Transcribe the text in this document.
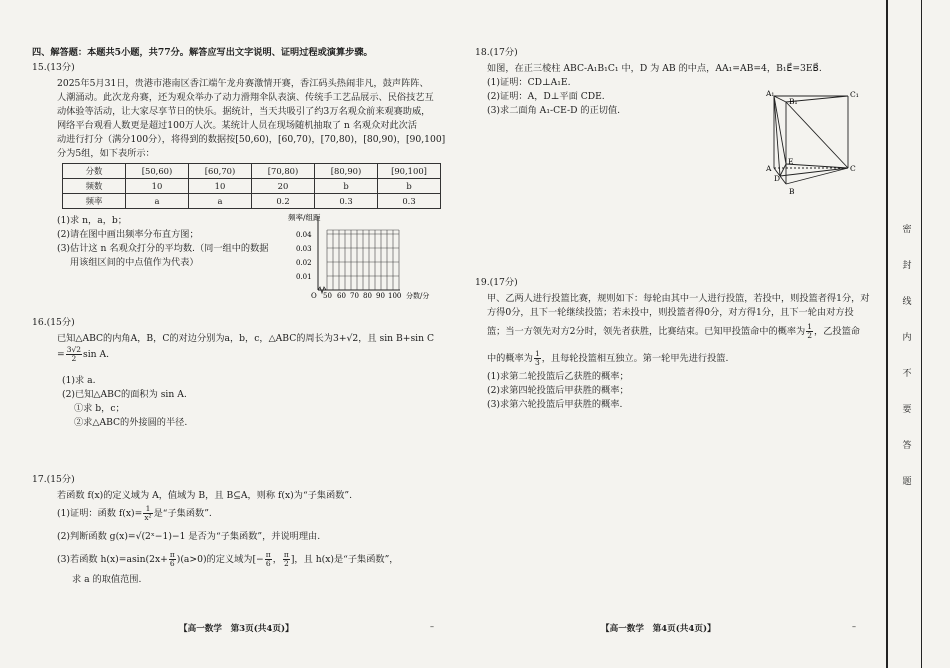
四、解答题：本题共5小题，共77分。解答应写出文字说明、证明过程或演算步骤。
15.(13分)
2025年5月31日，贵港市港南区香江端午龙舟赛激情开赛，香江码头热闹非凡，鼓声阵阵、
人潮涌动。此次龙舟赛，还为观众举办了动力滑翔伞队表演、传统手工艺品展示、民俗技艺互
动体验等活动，让大家尽享节日的快乐。据统计，当天共吸引了约3万名观众前来观赛助威，
网络平台观看人数更是超过100万人次。某统计人员在现场随机抽取了 n 名观众对此次活
动进行打分（满分100分），将得到的数据按[50,60)，[60,70)，[70,80)，[80,90)，[90,100]
分为5组，如下表所示：
分数	[50,60)	[60,70)	[70,80)	[80,90)	[90,100]
频数	10	10	20	b	b
频率	a	a	0.2	0.3	0.3
(1)求 n，a，b；
(2)请在图中画出频率分布直方图；
(3)估计这 n 名观众打分的平均数.（同一组中的数据
用该组区间的中点值作为代表）
频率/组距
0.04
0.03
0.02
0.01
O 50 60 70 80 90 100 分数/分
16.(15分)
已知△ABC的内角A，B，C的对边分别为a，b，c，△ABC的周长为3+√2，且 sin B+sin C
= $\frac{3√2}{2}$ sin A.
(1)求 a.
(2)已知△ABC的面积为 sin A.
①求 b，c；
②求△ABC的外接圆的半径.
17.(15分)
若函数 f(x)的定义域为 A，值域为 B，且 B⊆A，则称 f(x)为“子集函数”.
(1)证明：函数 $f(x)= \frac{1}{\text{x²}}$ 是“子集函数”.
(2)判断函数 g(x)=√(2ˣ−1)−1 是否为“子集函数”，并说明理由.
(3)若函数 $h(x)=asin(2x+ \frac{\pi}{6} )(a>0)$的定义域为[− $\frac{\pi}{6}$ ， $\frac{\pi}{2}$ ]，且 h(x)是“子集函数”，
求 a 的取值范围.
【高一数学　第3页(共4页)】	–
18.(17分)
如图，在正三棱柱 ABC-A₁B₁C₁ 中，D 为 AB 的中点，AA₁=AB=4，B₁E⃗=3EB⃗.
(1)证明：CD⊥A₁E.
(2)证明：A，D⊥平面 CDE.
(3)求二面角 A₁-CE-D 的正切值.
A₁
B₁
C₁
A
B
C
D
E
19.(17分)
甲、乙两人进行投篮比赛，规则如下：每轮由其中一人进行投篮，若投中，则投篮者得1分，对
方得0分，且下一轮继续投篮；若未投中，则投篮者得0分，对方得1分，且下一轮由对方投
篮；当一方领先对方2分时，领先者获胜，比赛结束。已知甲投篮命中的概率为 $\frac{1}{2}$ ，乙投篮命
中的概率为 $\frac{1}{3}$ ，且每轮投篮相互独立。第一轮甲先进行投篮.
(1)求第二轮投篮后乙获胜的概率；
(2)求第四轮投篮后甲获胜的概率；
(3)求第六轮投篮后甲获胜的概率.
【高一数学　第4页(共4页)】	–
密
封
线
内
不
要
答
题
